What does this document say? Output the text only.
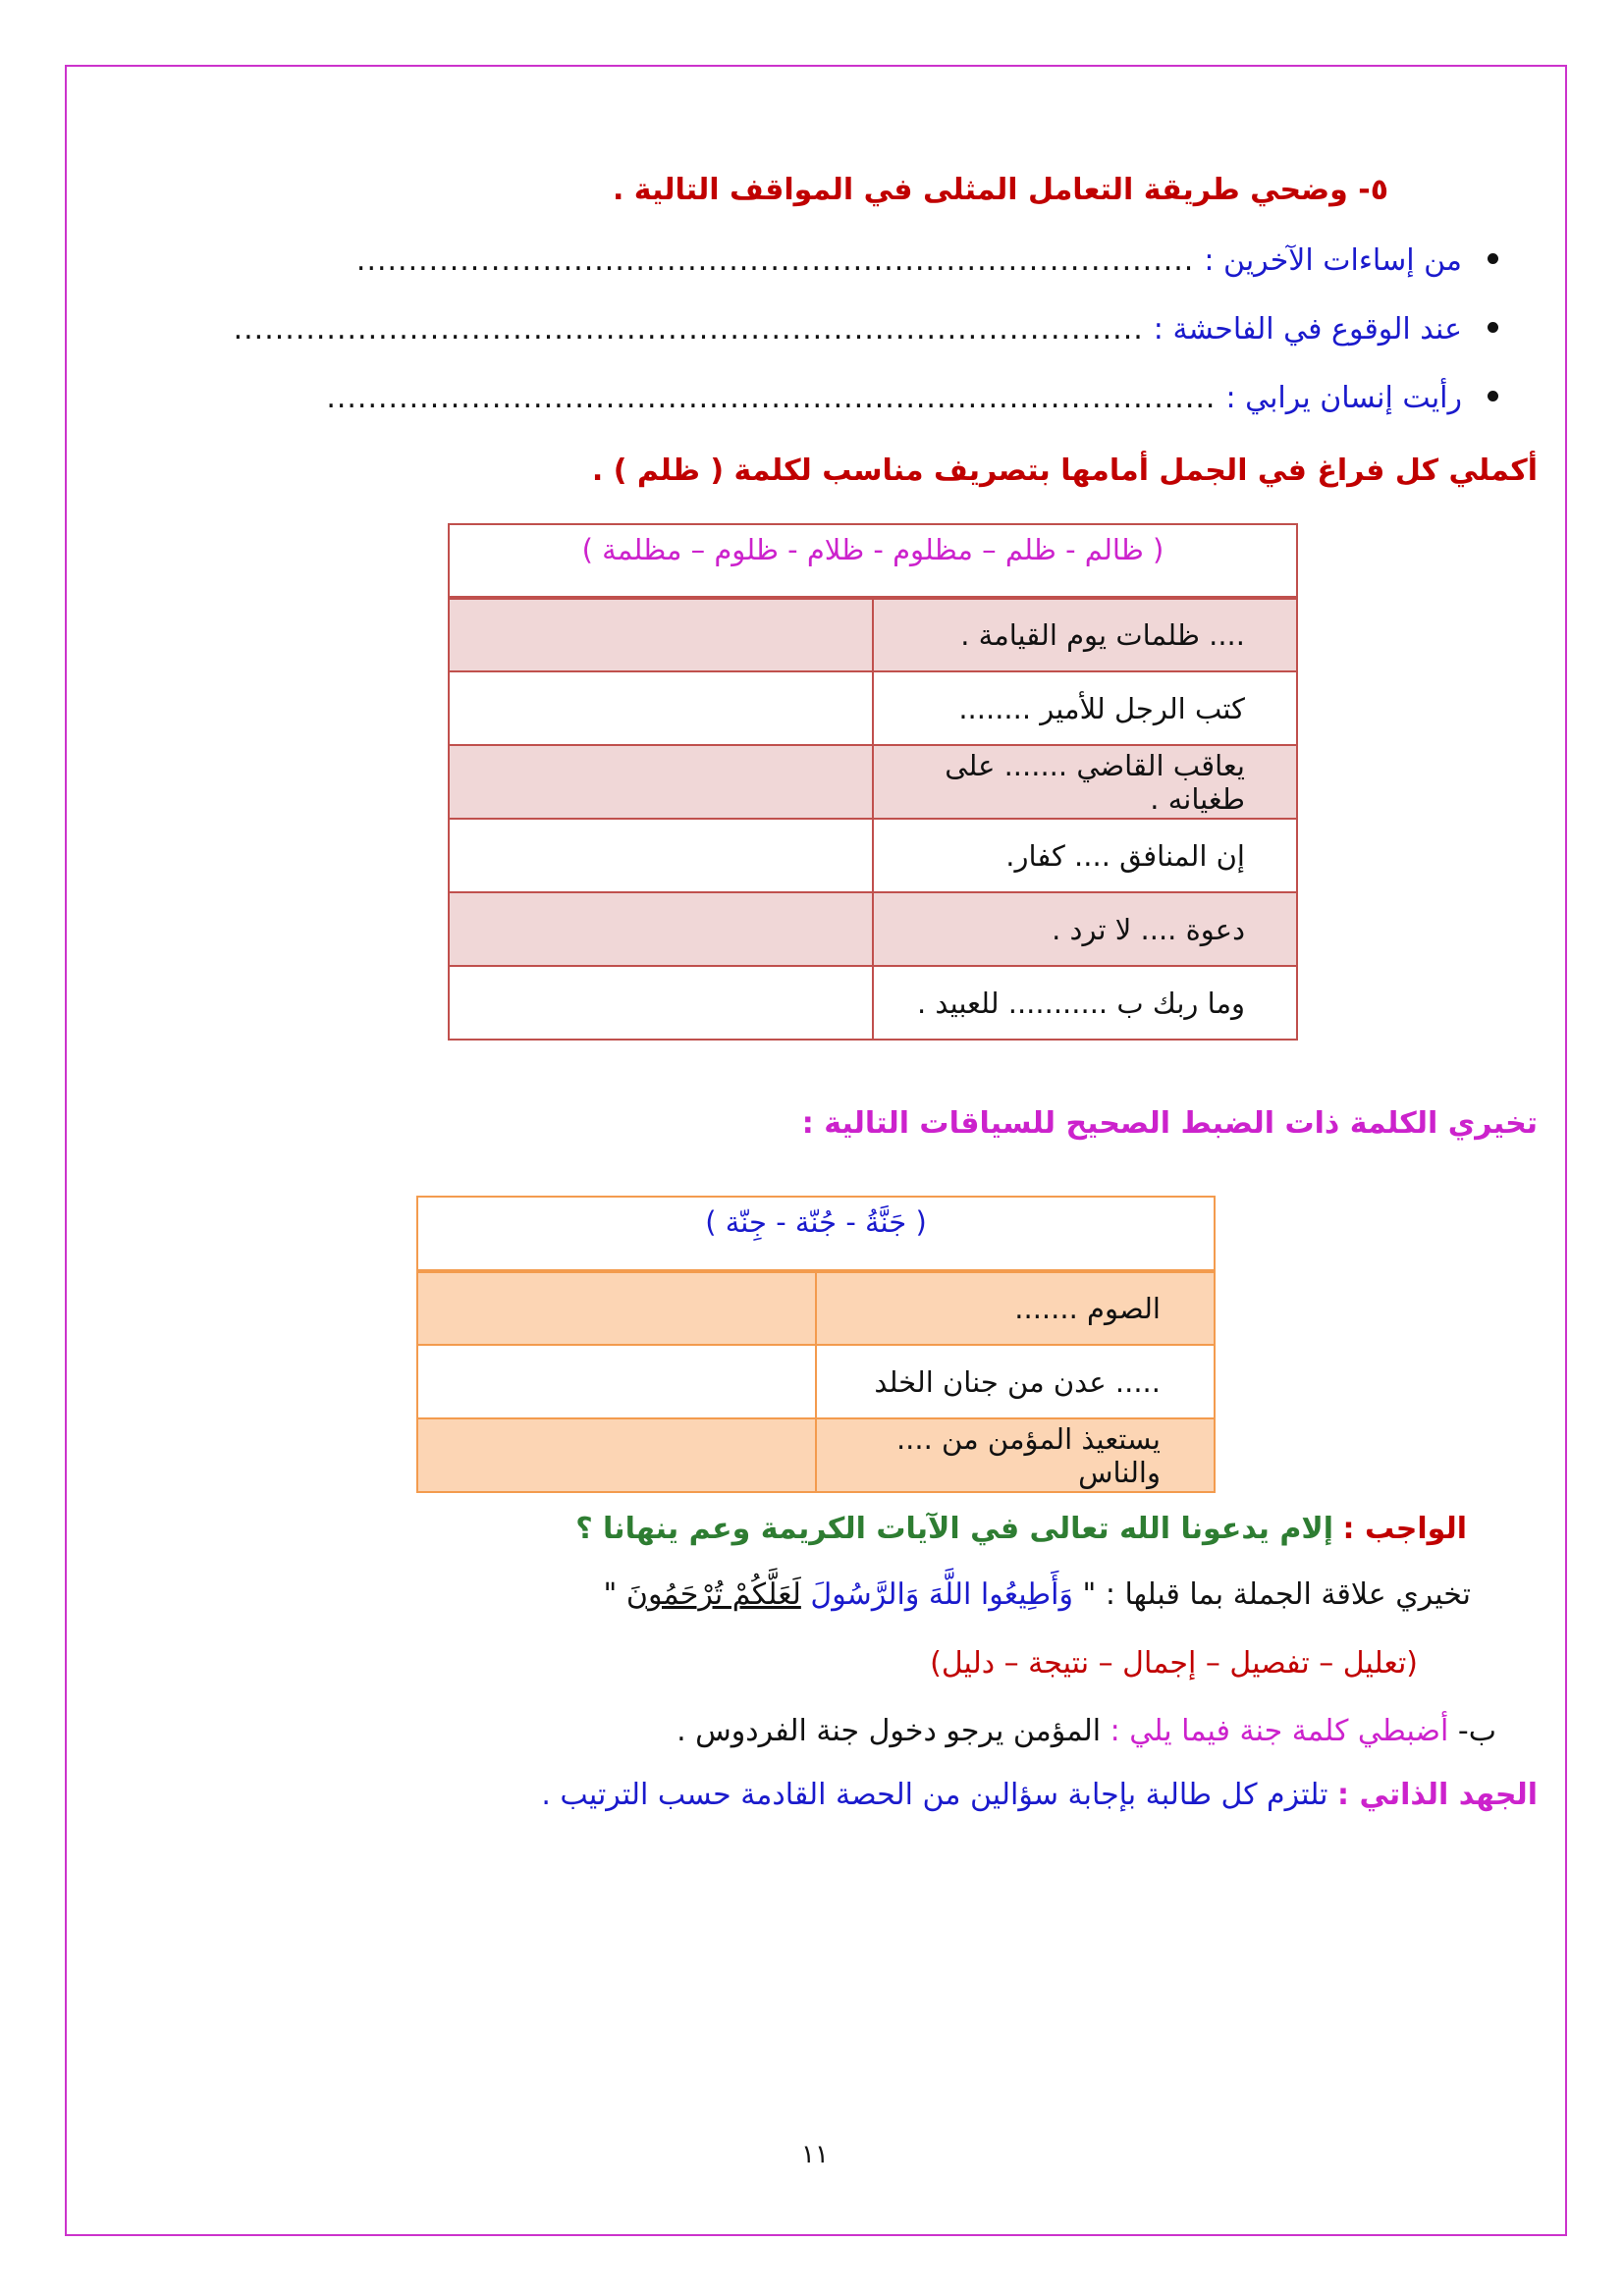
٥- وضحي طريقة التعامل المثلى في المواقف التالية .
من إساءات الآخرين :
.................................................................................
عند الوقوع في الفاحشة :
........................................................................................
رأيت إنسان يرابي :
......................................................................................
أكملي كل فراغ في الجمل أمامها بتصريف مناسب لكلمة ( ظلم ) .
( ظالم - ظلم – مظلوم - ظلام - ظلوم – مظلمة )	
.... ظلمات يوم القيامة .	
كتب الرجل للأمير ........	
يعاقب القاضي ....... على طغيانه .	
إن المنافق .... كفار.	
دعوة .... لا ترد .	
وما ربك ب ........... للعبيد .	
تخيري الكلمة ذات الضبط الصحيح للسياقات التالية :
( جَنَّةُ - جُنّة - جِنّة )	
الصوم .......	
..... عدن من جنان الخلد	
يستعيذ المؤمن من .... والناس	
الواجب : إلام يدعونا الله تعالى في الآيات الكريمة وعم ينهانا ؟
تخيري علاقة الجملة بما قبلها : " وَأَطِيعُوا اللَّهَ وَالرَّسُولَ لَعَلَّكُمْ تُرْحَمُونَ "
(تعليل – تفصيل – إجمال – نتيجة – دليل)
ب- أضبطي كلمة جنة فيما يلي : المؤمن يرجو دخول جنة الفردوس .
الجهد الذاتي : تلتزم كل طالبة بإجابة سؤالين من الحصة القادمة حسب الترتيب .
١١
